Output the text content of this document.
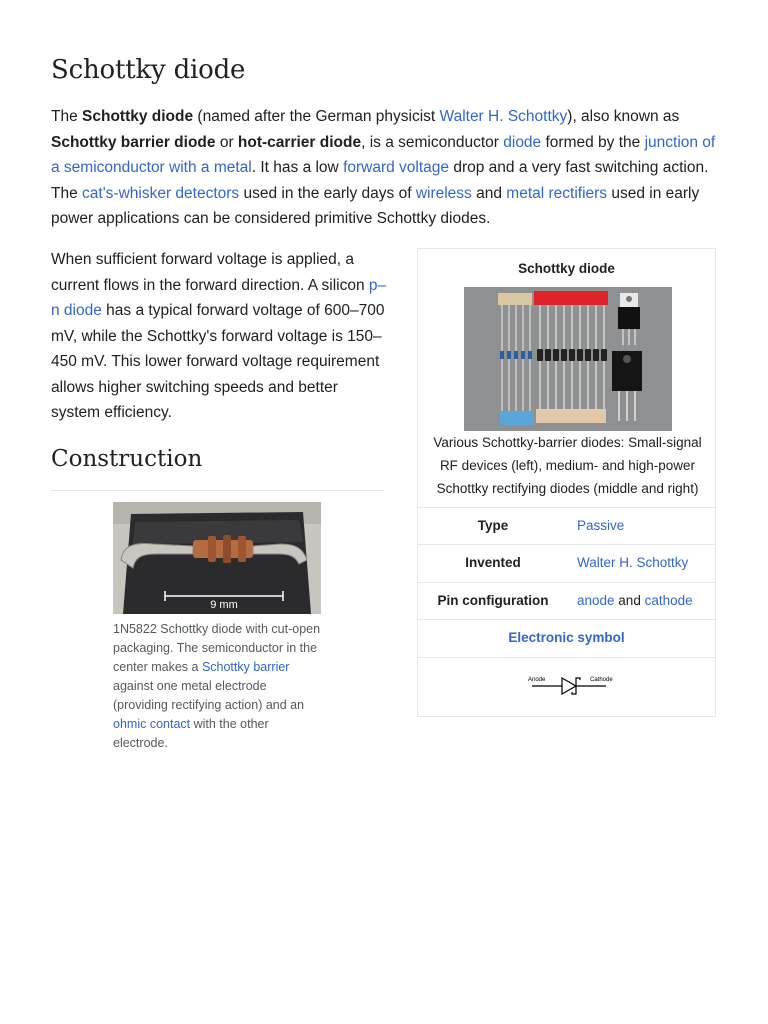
Schottky diode

The Schottky diode (named after the German physicist Walter H. Schottky), also known as Schottky barrier diode or hot-carrier diode, is a semiconductor diode formed by the junction of a semiconductor with a metal. It has a low forward voltage drop and a very fast switching action. The cat's-whisker detectors used in the early days of wireless and metal rectifiers used in early power applications can be considered primitive Schottky diodes.

When sufficient forward voltage is applied, a current flows in the forward direction. A silicon p–n diode has a typical forward voltage of 600–700 mV, while the Schottky's forward voltage is 150–450 mV. This lower forward voltage requirement allows higher switching speeds and better system efficiency.

Construction
9 mm
1N5822 Schottky diode with cut-open packaging. The semiconductor in the center makes a Schottky barrier against one metal electrode (providing rectifying action) and an ohmic contact with the other electrode.
Schottky diode
Various Schottky-barrier diodes: Small-signal RF devices (left), medium- and high-power Schottky rectifying diodes (middle and right)
Type	Passive
Invented	Walter H. Schottky
Pin configuration	anode and cathode
Electronic symbol
Anode	Cathode
